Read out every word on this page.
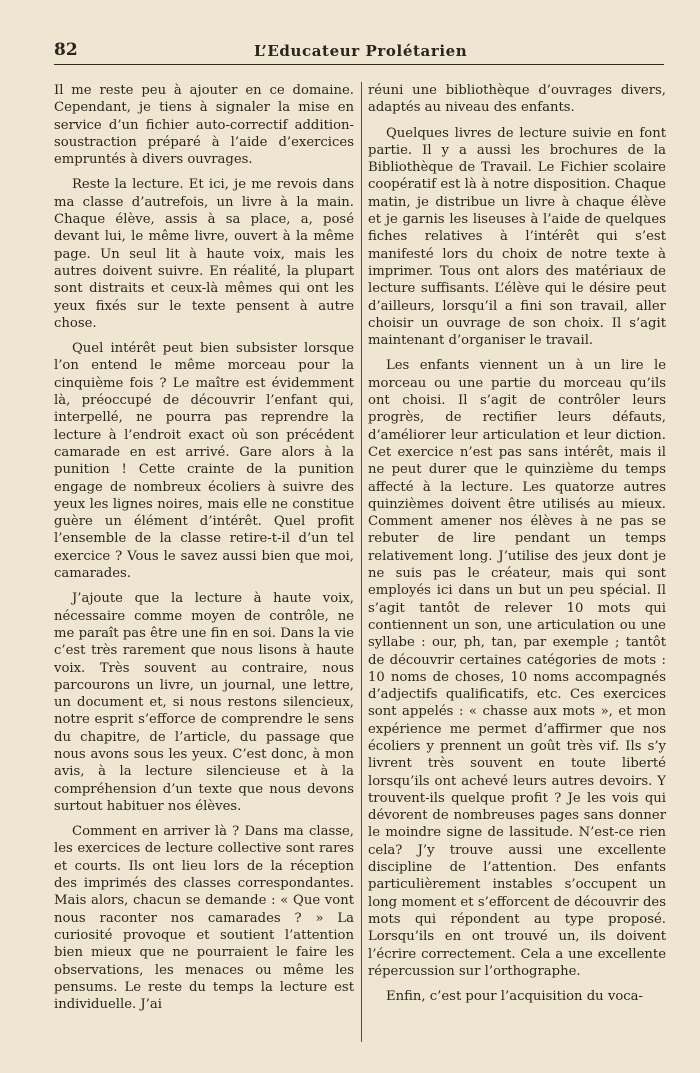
82	L’Educateur Prolétarien

Il me reste peu à ajouter en ce domaine. Cependant, je tiens à signaler la mise en service d’un fichier auto-correctif addition-soustraction préparé à l’aide d’exercices empruntés à divers ouvrages.

Reste la lecture. Et ici, je me revois dans ma classe d’autrefois, un livre à la main. Chaque élève, assis à sa place, a, posé devant lui, le même livre, ouvert à la même page. Un seul lit à haute voix, mais les autres doivent suivre. En réalité, la plupart sont distraits et ceux-là mêmes qui ont les yeux fixés sur le texte pensent à autre chose.

Quel intérêt peut bien subsister lorsque l’on entend le même morceau pour la cinquième fois ? Le maître est évidemment là, préoccupé de découvrir l’enfant qui, interpellé, ne pourra pas reprendre la lecture à l’endroit exact où son précédent camarade en est arrivé. Gare alors à la punition ! Cette crainte de la punition engage de nombreux écoliers à suivre des yeux les lignes noires, mais elle ne constitue guère un élément d’intérêt. Quel profit l’ensemble de la classe retire-t-il d’un tel exercice ? Vous le savez aussi bien que moi, camarades.

J’ajoute que la lecture à haute voix, nécessaire comme moyen de contrôle, ne me paraît pas être une fin en soi. Dans la vie c’est très rarement que nous lisons à haute voix. Très souvent au contraire, nous parcourons un livre, un journal, une lettre, un document et, si nous restons silencieux, notre esprit s’efforce de comprendre le sens du chapitre, de l’article, du passage que nous avons sous les yeux. C’est donc, à mon avis, à la lecture silencieuse et à la compréhension d’un texte que nous devons surtout habituer nos élèves.

Comment en arriver là ? Dans ma classe, les exercices de lecture collective sont rares et courts. Ils ont lieu lors de la réception des imprimés des classes correspondantes. Mais alors, chacun se demande : « Que vont nous raconter nos camarades ? » La curiosité provoque et soutient l’attention bien mieux que ne pourraient le faire les observations, les menaces ou même les pensums. Le reste du temps la lecture est individuelle. J’ai

réuni une bibliothèque d’ouvrages divers, adaptés au niveau des enfants.

Quelques livres de lecture suivie en font partie. Il y a aussi les brochures de la Bibliothèque de Travail. Le Fichier scolaire coopératif est là à notre disposition. Chaque matin, je distribue un livre à chaque élève et je garnis les liseuses à l’aide de quelques fiches relatives à l’intérêt qui s’est manifesté lors du choix de notre texte à imprimer. Tous ont alors des matériaux de lecture suffisants. L’élève qui le désire peut d’ailleurs, lorsqu’il a fini son travail, aller choisir un ouvrage de son choix. Il s’agit maintenant d’organiser le travail.

Les enfants viennent un à un lire le morceau ou une partie du morceau qu’ils ont choisi. Il s’agit de contrôler leurs progrès, de rectifier leurs défauts, d’améliorer leur articulation et leur diction. Cet exercice n’est pas sans intérêt, mais il ne peut durer que le quinzième du temps affecté à la lecture. Les quatorze autres quinzièmes doivent être utilisés au mieux. Comment amener nos élèves à ne pas se rebuter de lire pendant un temps relativement long. J’utilise des jeux dont je ne suis pas le créateur, mais qui sont employés ici dans un but un peu spécial. Il s’agit tantôt de relever 10 mots qui contiennent un son, une articulation ou une syllabe : our, ph, tan, par exemple ; tantôt de découvrir certaines catégories de mots : 10 noms de choses, 10 noms accompagnés d’adjectifs qualificatifs, etc. Ces exercices sont appelés : « chasse aux mots », et mon expérience me permet d’affirmer que nos écoliers y prennent un goût très vif. Ils s’y livrent très souvent en toute liberté lorsqu’ils ont achevé leurs autres devoirs. Y trouvent-ils quelque profit ? Je les vois qui dévorent de nombreuses pages sans donner le moindre signe de lassitude. N’est-ce rien cela? J’y trouve aussi une excellente discipline de l’attention. Des enfants particulièrement instables s’occupent un long moment et s’efforcent de découvrir des mots qui répondent au type proposé. Lorsqu’ils en ont trouvé un, ils doivent l’écrire correctement. Cela a une excellente répercussion sur l’orthographe.

Enfin, c’est pour l’acquisition du voca-
